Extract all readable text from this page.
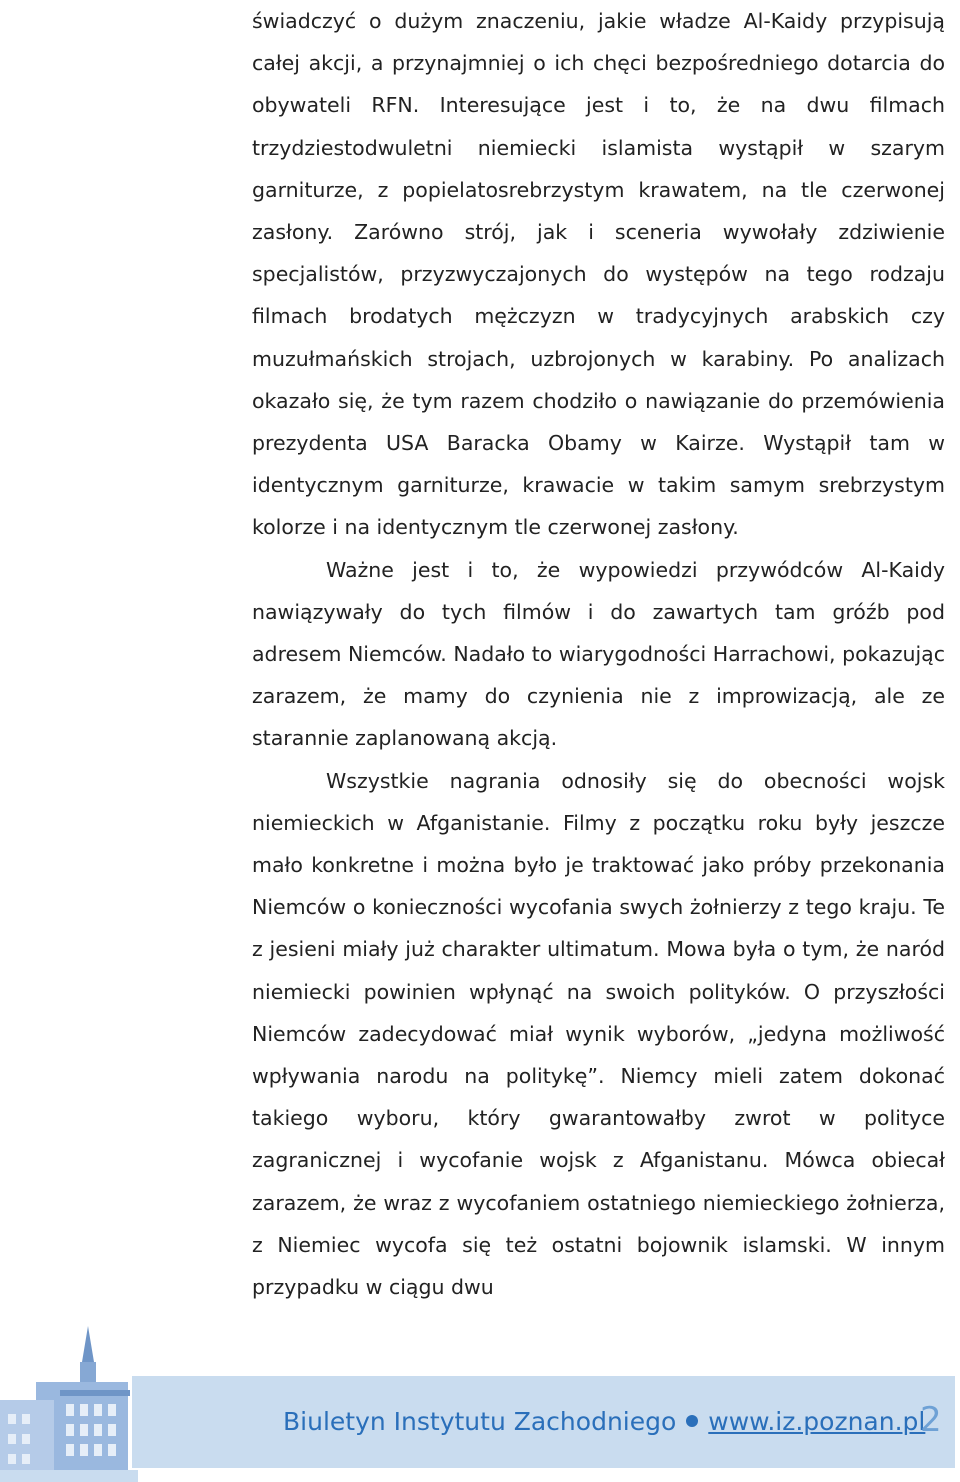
świadczyć o dużym znaczeniu, jakie władze Al-Kaidy przypisują całej akcji, a przynajmniej o ich chęci bezpośredniego dotarcia do obywateli RFN. Interesujące jest i to, że na dwu filmach trzydziestodwuletni niemiecki islamista wystąpił w szarym garniturze, z popielatosrebrzystym krawatem, na tle czerwonej zasłony. Zarówno strój, jak i sceneria wywołały zdziwienie specjalistów, przyzwyczajonych do występów na tego rodzaju filmach brodatych mężczyzn w tradycyjnych arabskich czy muzułmańskich strojach, uzbrojonych w karabiny. Po analizach okazało się, że tym razem chodziło o nawiązanie do przemówienia prezydenta USA Baracka Obamy w Kairze. Wystąpił tam w identycznym garniturze, krawacie w takim samym srebrzystym kolorze i na identycznym tle czerwonej zasłony.

Ważne jest i to, że wypowiedzi przywódców Al-Kaidy nawiązywały do tych filmów i do zawartych tam gróźb pod adresem Niemców. Nadało to wiarygodności Harrachowi, pokazując zarazem, że mamy do czynienia nie z improwizacją, ale ze starannie zaplanowaną akcją.

Wszystkie nagrania odnosiły się do obecności wojsk niemieckich w Afganistanie. Filmy z początku roku były jeszcze mało konkretne i można było je traktować jako próby przekonania Niemców o konieczności wycofania swych żołnierzy z tego kraju. Te z jesieni miały już charakter ultimatum. Mowa była o tym, że naród niemiecki powinien wpłynąć na swoich polityków. O przyszłości Niemców zadecydować miał wynik wyborów, „jedyna możliwość wpływania narodu na politykę”. Niemcy mieli zatem dokonać takiego wyboru, który gwarantowałby zwrot w polityce zagranicznej i wycofanie wojsk z Afganistanu. Mówca obiecał zarazem, że wraz z wycofaniem ostatniego niemieckiego żołnierza, z Niemiec wycofa się też ostatni bojownik islamski. W innym przypadku w ciągu dwu

Biuletyn Instytutu Zachodniego www.iz.poznan.pl
2
